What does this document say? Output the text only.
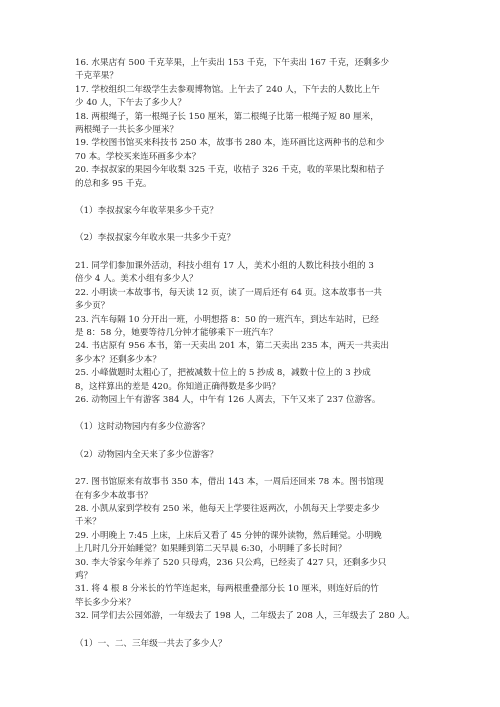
16. 水果店有 500 千克苹果，上午卖出 153 千克，下午卖出 167 千克，还剩多少
千克苹果？
17. 学校组织二年级学生去参观博物馆。上午去了 240 人，下午去的人数比上午
少 40 人，下午去了多少人？
18. 两根绳子，第一根绳子长 150 厘米，第二根绳子比第一根绳子短 80 厘米，
两根绳子一共长多少厘米？
19. 学校图书馆买来科技书 250 本，故事书 280 本，连环画比这两种书的总和少
70 本。学校买来连环画多少本？
20. 李叔叔家的果园今年收梨 325 千克，收桔子 326 千克，收的苹果比梨和桔子
的总和多 95 千克。
（1）李叔叔家今年收苹果多少千克？
（2）李叔叔家今年收水果一共多少千克？
21. 同学们参加课外活动，科技小组有 17 人，美术小组的人数比科技小组的 3
倍少 4 人。美术小组有多少人？
22. 小明读一本故事书，每天读 12 页，读了一周后还有 64 页。这本故事书一共
多少页？
23. 汽车每隔 10 分开出一班，小明想搭 8：50 的一班汽车，到达车站时，已经
是 8：58 分，她要等待几分钟才能够乘下一班汽车？
24. 书店原有 956 本书，第一天卖出 201 本，第二天卖出 235 本，两天一共卖出
多少本？还剩多少本？
25. 小峰做题时太粗心了，把被减数十位上的 5 抄成 8，减数十位上的 3 抄成
8，这样算出的差是 420。你知道正确得数是多少吗？
26. 动物园上午有游客 384 人，中午有 126 人离去，下午又来了 237 位游客。
（1）这时动物园内有多少位游客？
（2）动物园内全天来了多少位游客？
27. 图书馆原来有故事书 350 本，借出 143 本，一周后还回来 78 本。图书馆现
在有多少本故事书？
28. 小凯从家到学校有 250 米，他每天上学要往返两次，小凯每天上学要走多少
千米？
29. 小明晚上 7:45 上床，上床后又看了 45 分钟的课外读物，然后睡觉。小明晚
上几时几分开始睡觉？如果睡到第二天早晨 6:30，小明睡了多长时间？
30. 李大爷家今年养了 520 只母鸡，236 只公鸡，已经卖了 427 只，还剩多少只
鸡？
31. 将 4 根 8 分米长的竹竿连起来，每两根重叠部分长 10 厘米，则连好后的竹
竿长多少分米？
32. 同学们去公园郊游，一年级去了 198 人，二年级去了 208 人，三年级去了 280 人。
（1）一、二、三年级一共去了多少人？
